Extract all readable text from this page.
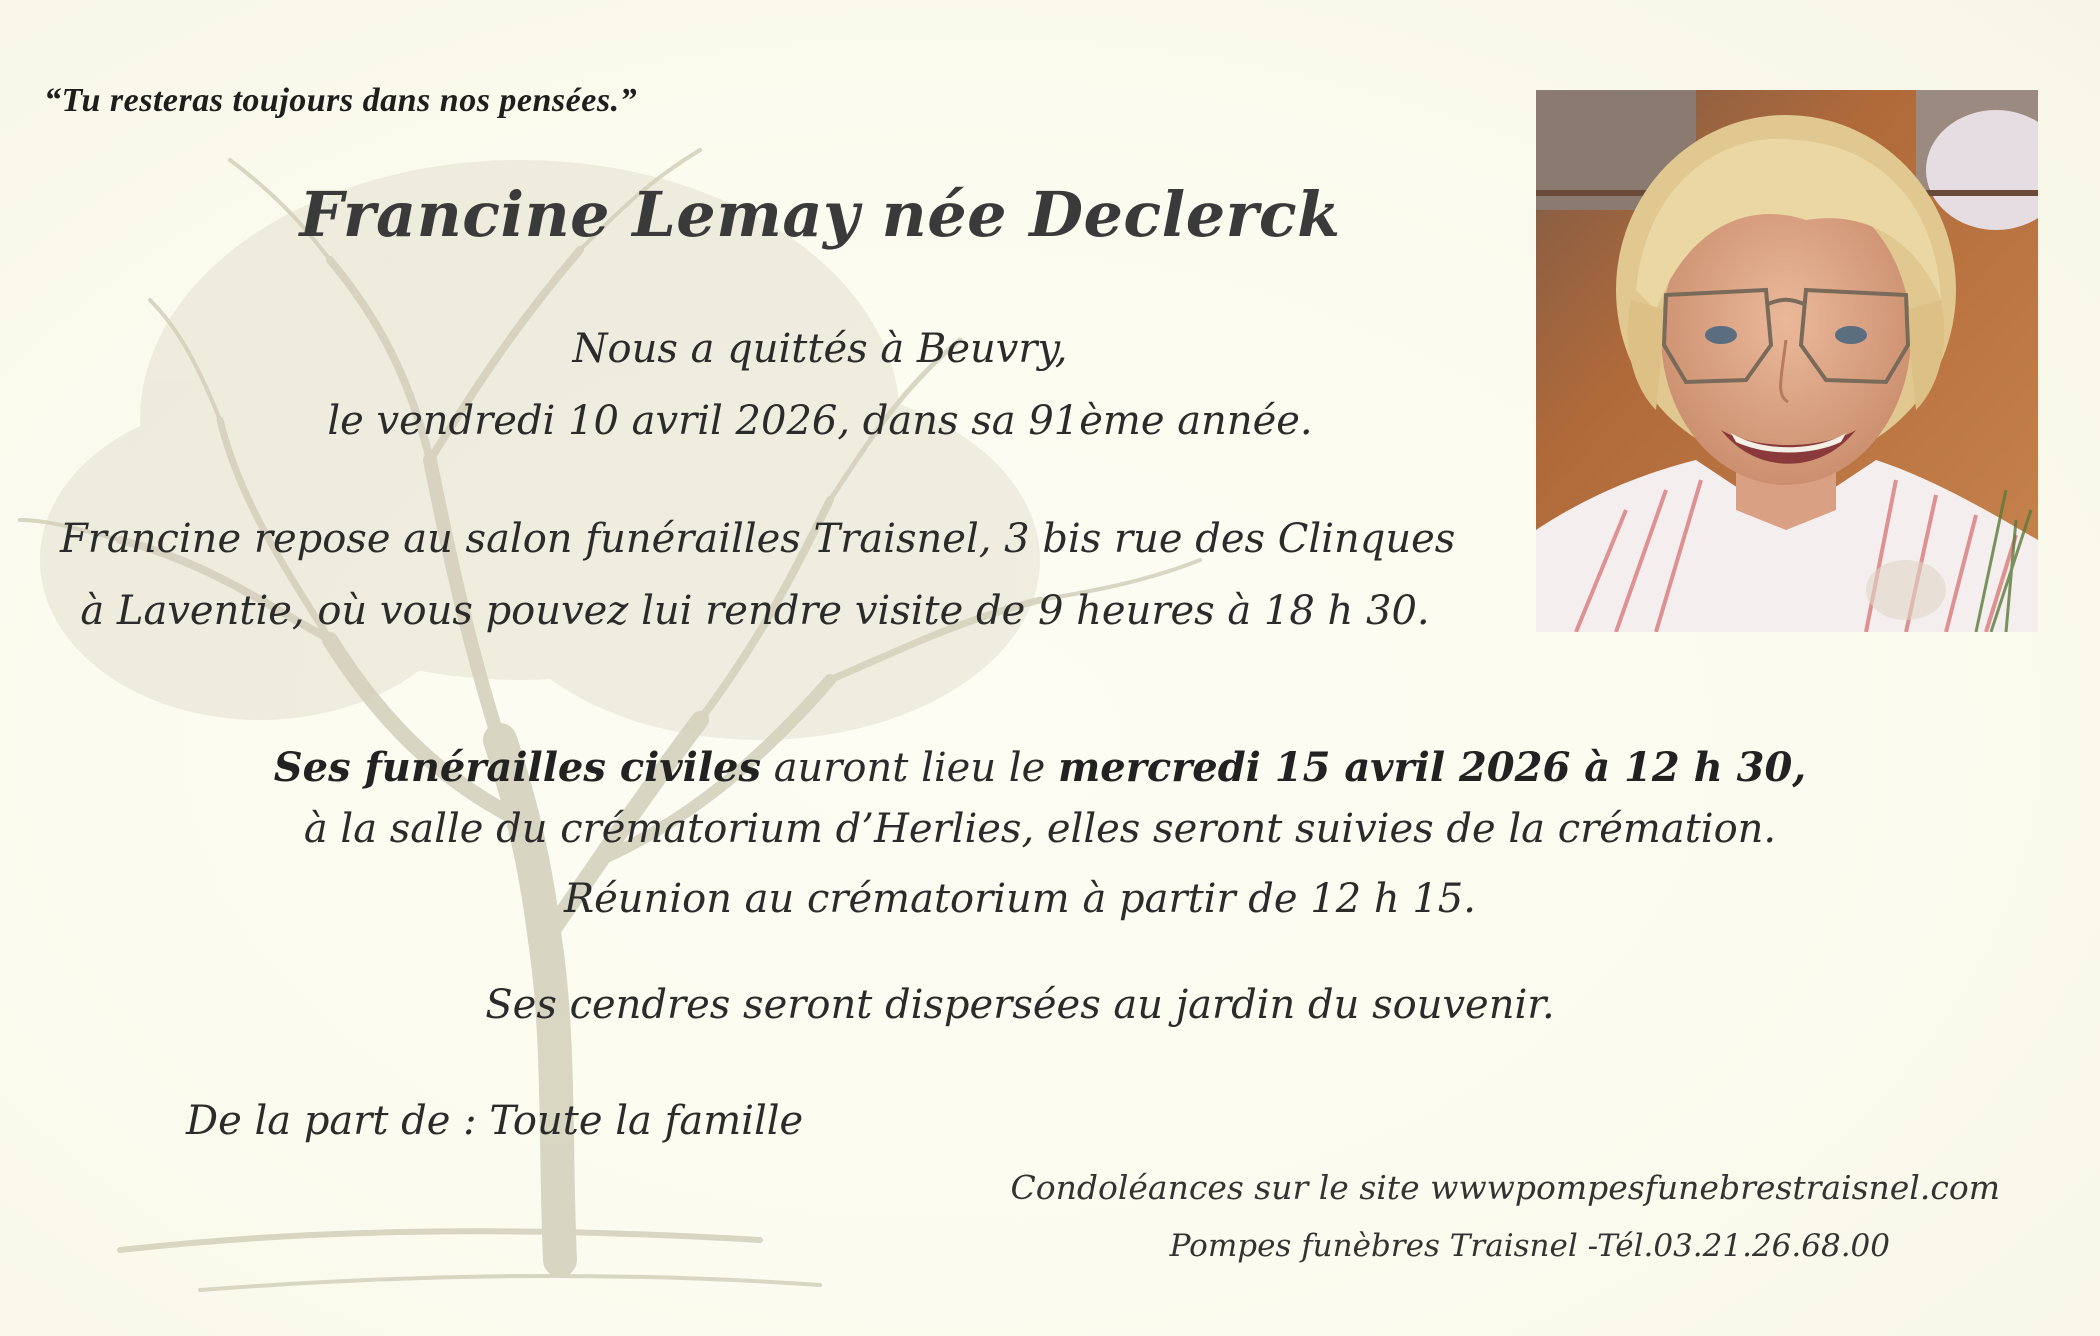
“Tu resteras toujours dans nos pensées.”

Francine Lemay née Declerck

Nous a quittés à Beuvry,

le vendredi 10 avril 2026, dans sa 91ème année.

Francine repose au salon funérailles Traisnel, 3 bis rue des Clinques

à Laventie, où vous pouvez lui rendre visite de 9 heures à 18 h 30.

Ses funérailles civiles auront lieu le mercredi 15 avril 2026 à 12 h 30,

à la salle du crématorium d’Herlies, elles seront suivies de la crémation.

Réunion au crématorium à partir de 12 h 15.

Ses cendres seront dispersées au jardin du souvenir.

De la part de : Toute la famille

Condoléances sur le site wwwpompesfunebrestraisnel.com

Pompes funèbres Traisnel -Tél.03.21.26.68.00
